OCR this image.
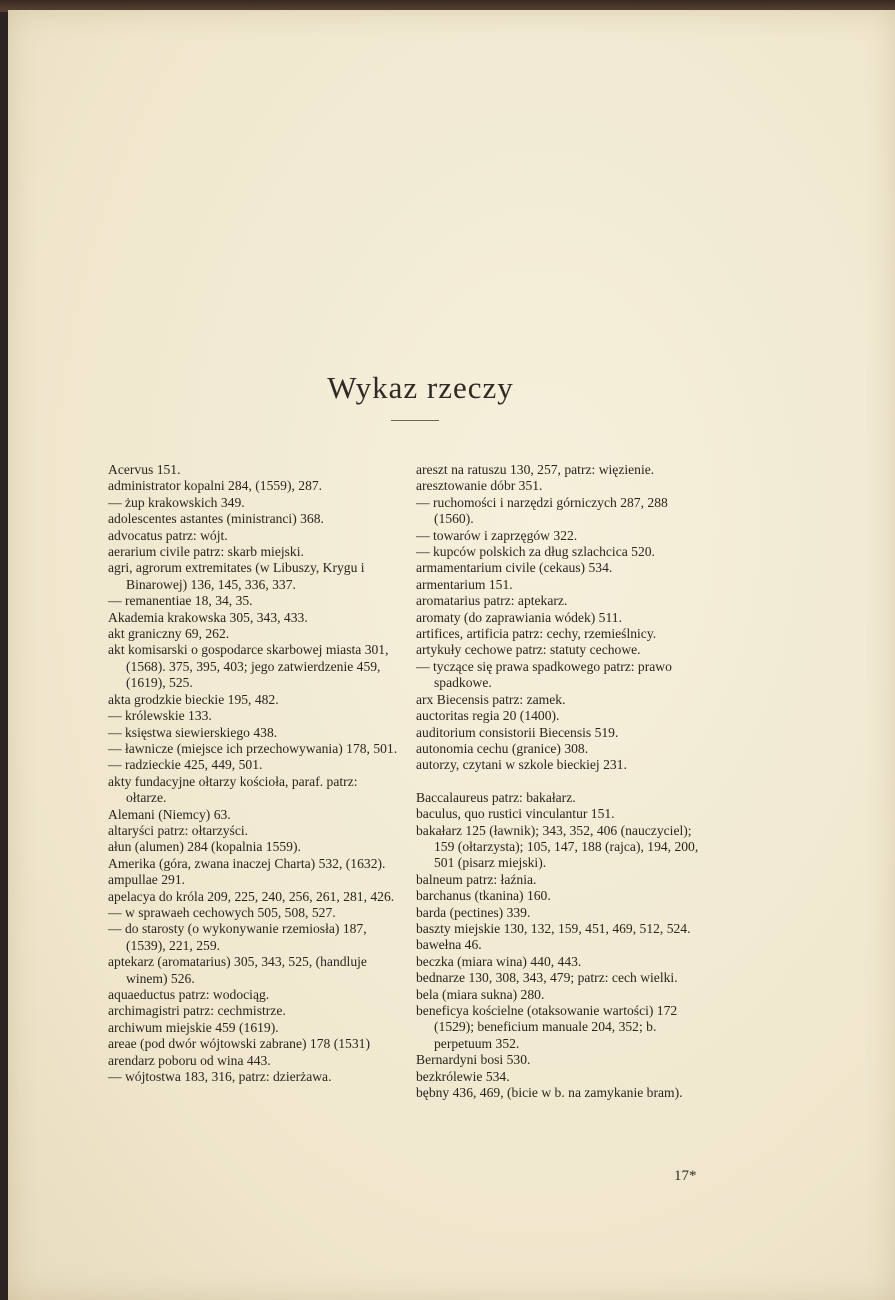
Wykaz rzeczy
Acervus 151.
administrator kopalni 284, (1559), 287.
— żup krakowskich 349.
adolescentes astantes (ministranci) 368.
advocatus patrz: wójt.
aerarium civile patrz: skarb miejski.
agri, agrorum extremitates (w Libuszy, Krygu i Binarowej) 136, 145, 336, 337.
— remanentiae 18, 34, 35.
Akademia krakowska 305, 343, 433.
akt graniczny 69, 262.
akt komisarski o gospodarce skarbowej miasta 301, (1568). 375, 395, 403; jego zatwierdzenie 459, (1619), 525.
akta grodzkie bieckie 195, 482.
— królewskie 133.
— księstwa siewierskiego 438.
— ławnicze (miejsce ich przechowywania) 178, 501.
— radzieckie 425, 449, 501.
akty fundacyjne ołtarzy kościoła, paraf. patrz: ołtarze.
Alemani (Niemcy) 63.
altaryści patrz: ołtarzyści.
ałun (alumen) 284 (kopalnia 1559).
Amerika (góra, zwana inaczej Charta) 532, (1632).
ampullae 291.
apelacya do króla 209, 225, 240, 256, 261, 281, 426.
— w sprawaeh cechowych 505, 508, 527.
— do starosty (o wykonywanie rzemiosła) 187, (1539), 221, 259.
aptekarz (aromatarius) 305, 343, 525, (handluje winem) 526.
aquaeductus patrz: wodociąg.
archimagistri patrz: cechmistrze.
archiwum miejskie 459 (1619).
areae (pod dwór wójtowski zabrane) 178 (1531)
arendarz poboru od wina 443.
— wójtostwa 183, 316, patrz: dzierżawa.
areszt na ratuszu 130, 257, patrz: więzienie.
aresztowanie dóbr 351.
— ruchomości i narzędzi górniczych 287, 288 (1560).
— towarów i zaprzęgów 322.
— kupców polskich za dług szlachcica 520.
armamentarium civile (cekaus) 534.
armentarium 151.
aromatarius patrz: aptekarz.
aromaty (do zaprawiania wódek) 511.
artifices, artificia patrz: cechy, rzemieślnicy.
artykuły cechowe patrz: statuty cechowe.
— tyczące się prawa spadkowego patrz: prawo spadkowe.
arx Biecensis patrz: zamek.
auctoritas regia 20 (1400).
auditorium consistorii Biecensis 519.
autonomia cechu (granice) 308.
autorzy, czytani w szkole bieckiej 231.
Baccalaureus patrz: bakałarz.
baculus, quo rustici vinculantur 151.
bakałarz 125 (ławnik); 343, 352, 406 (nauczyciel); 159 (ołtarzysta); 105, 147, 188 (rajca), 194, 200, 501 (pisarz miejski).
balneum patrz: łaźnia.
barchanus (tkanina) 160.
barda (pectines) 339.
baszty miejskie 130, 132, 159, 451, 469, 512, 524.
bawełna 46.
beczka (miara wina) 440, 443.
bednarze 130, 308, 343, 479; patrz: cech wielki.
bela (miara sukna) 280.
beneficya kościelne (otaksowanie wartości) 172 (1529); beneficium manuale 204, 352; b. perpetuum 352.
Bernardyni bosi 530.
bezkrólewie 534.
bębny 436, 469, (bicie w b. na zamykanie bram).
17*
